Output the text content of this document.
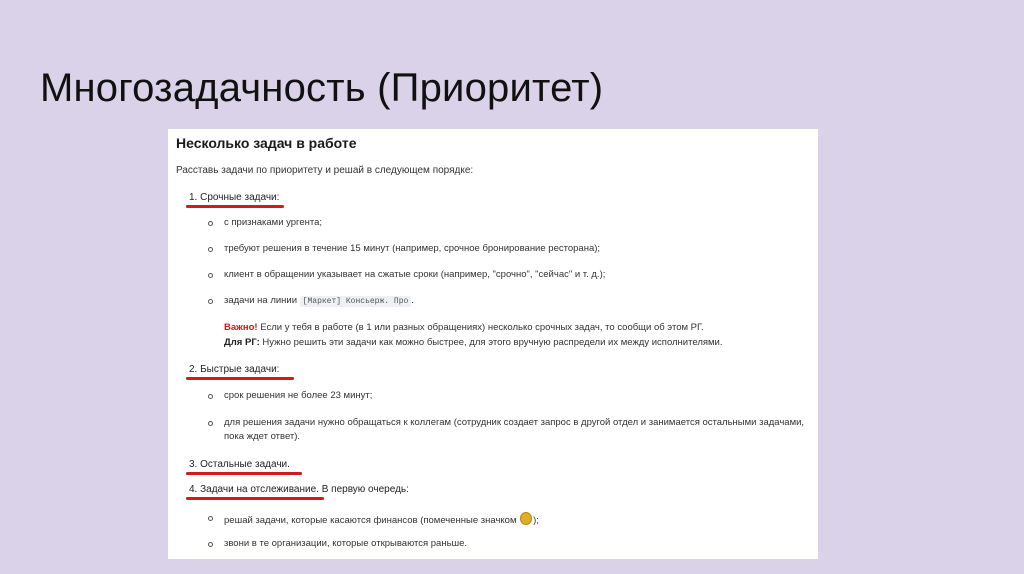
Многозадачность (Приоритет)
Несколько задач в работе
Расставь задачи по приоритету и решай в следующем порядке:
1. Срочные задачи:
с признаками ургента;
требуют решения в течение 15 минут (например, срочное бронирование ресторана);
клиент в обращении указывает на сжатые сроки (например, "срочно", "сейчас" и т. д.);
задачи на линии [Маркет] Консьерж. Про .
Важно! Если у тебя в работе (в 1 или разных обращениях) несколько срочных задач, то сообщи об этом РГ.
Для РГ: Нужно решить эти задачи как можно быстрее, для этого вручную распредели их между исполнителями.
2. Быстрые задачи:
срок решения не более 23 минут;
для решения задачи нужно обращаться к коллегам (сотрудник создает запрос в другой отдел и занимается остальными задачами, пока ждет ответ).
3. Остальные задачи.
4. Задачи на отслеживание. В первую очередь:
решай задачи, которые касаются финансов (помеченные значком );
звони в те организации, которые открываются раньше.
